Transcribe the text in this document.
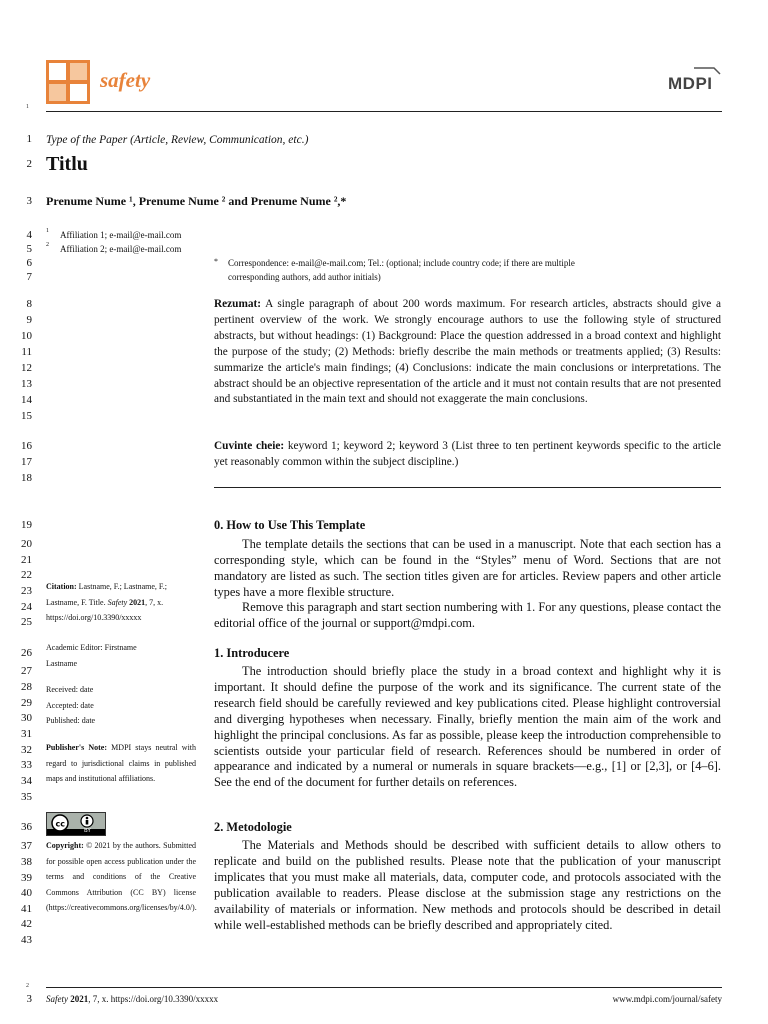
safety	MDPI
1
1
2
3
4
5
6
7
8
9
10
11
12
13
14
15
16
17
18
19
20
21
22
23
24
25
26
27
28
29
30
31
32
33
34
35
36
37
38
39
40
41
42
43
Type of the Paper (Article, Review, Communication, etc.)
Titlu
Prenume Nume ¹, Prenume Nume ² and Prenume Nume ²,*
1 Affiliation 1; e-mail@e-mail.com
2 Affiliation 2; e-mail@e-mail.com
* Correspondence: e-mail@e-mail.com; Tel.: (optional; include country code; if there are multiple
corresponding authors, add author initials)
Rezumat: A single paragraph of about 200 words maximum. For research articles, abstracts should give a pertinent overview of the work. We strongly encourage authors to use the following style of structured abstracts, but without headings: (1) Background: Place the question addressed in a broad context and highlight the purpose of the study; (2) Methods: briefly describe the main methods or treatments applied; (3) Results: summarize the article's main findings; (4) Conclusions: indicate the main conclusions or interpretations. The abstract should be an objective representation of the article and it must not contain results that are not presented and substantiated in the main text and should not exaggerate the main conclusions.
Cuvinte cheie: keyword 1; keyword 2; keyword 3 (List three to ten pertinent keywords specific to the article yet reasonably common within the subject discipline.)
0. How to Use This Template
The template details the sections that can be used in a manuscript. Note that each section has a corresponding style, which can be found in the “Styles” menu of Word. Sections that are not mandatory are listed as such. The section titles given are for articles. Review papers and other article types have a more flexible structure.
Remove this paragraph and start section numbering with 1. For any questions, please contact the editorial office of the journal or support@mdpi.com.
1. Introducere
The introduction should briefly place the study in a broad context and highlight why it is important. It should define the purpose of the work and its significance. The current state of the research field should be carefully reviewed and key publications cited. Please highlight controversial and diverging hypotheses when necessary. Finally, briefly mention the main aim of the work and highlight the principal conclusions. As far as possible, please keep the introduction comprehensible to scientists outside your particular field of research. References should be numbered in order of appearance and indicated by a numeral or numerals in square brackets—e.g., [1] or [2,3], or [4–6]. See the end of the document for further details on references.
2. Metodologie
The Materials and Methods should be described with sufficient details to allow others to replicate and build on the published results. Please note that the publication of your manuscript implicates that you must make all materials, data, computer code, and protocols associated with the publication available to readers. Please disclose at the submission stage any restrictions on the availability of materials or information. New methods and protocols should be described in detail while well-established methods can be briefly described and appropriately cited.
Citation: Lastname, F.; Lastname, F.; Lastname, F. Title. Safety 2021, 7, x. https://doi.org/10.3390/xxxxx
Academic Editor: Firstname
Lastname
Received: date
Accepted: date
Published: date
Publisher's Note: MDPI stays neutral with regard to jurisdictional claims in published maps and institutional affiliations.
cc
BY
Copyright: © 2021 by the authors. Submitted for possible open access publication under the terms and conditions of the Creative Commons Attribution (CC BY) license (https://creativecommons.org/licenses/by/4.0/).
2
3 Safety 2021, 7, x. https://doi.org/10.3390/xxxxx	www.mdpi.com/journal/safety
